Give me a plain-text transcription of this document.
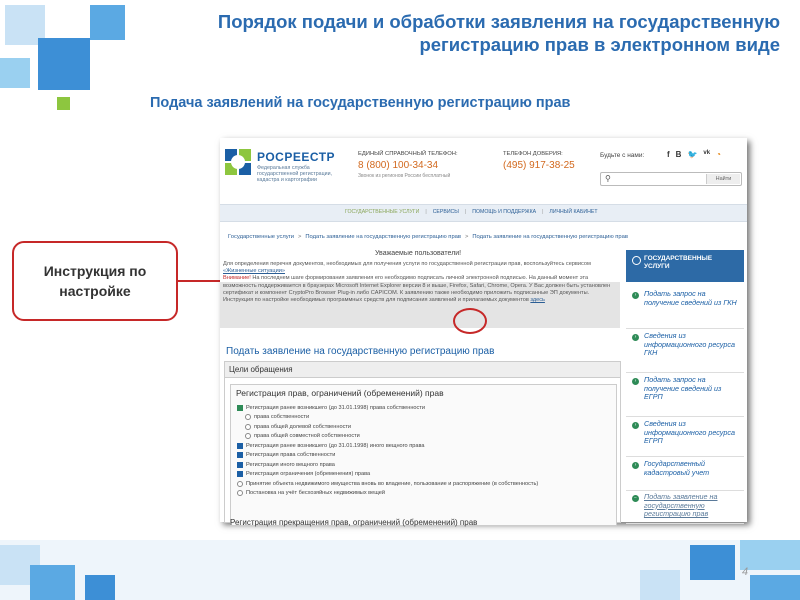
Порядок подачи и обработки заявления на государственную регистрацию прав в электронном виде
Подача заявлений на государственную регистрацию прав
Инструкция по настройке
РОСРЕЕСТР
Федеральная служба государственной регистрации, кадастра и картографии
ЕДИНЫЙ СПРАВОЧНЫЙ ТЕЛЕФОН:
8 (800) 100-34-34
Звонок из регионов России бесплатный
ТЕЛЕФОН ДОВЕРИЯ:
(495) 917-38-25
Будьте с нами:	f B 🐦 vk ◔
⚲	Найти
ГОСУДАРСТВЕННЫЕ УСЛУГИ | СЕРВИСЫ | ПОМОЩЬ И ПОДДЕРЖКА | ЛИЧНЫЙ КАБИНЕТ
Государственные услуги > Подать заявление на государственную регистрацию прав > Подать заявление на государственную регистрацию прав
Уважаемые пользователи!
Для определения перечня документов, необходимых для получения услуги по государственной регистрации прав, воспользуйтесь сервисом «Жизненные ситуации»
Внимание! На последнем шаге формирования заявления его необходимо подписать личной электронной подписью. На данный момент эта возможность поддерживается в браузерах Microsoft Internet Explorer версии 8 и выше, Firefox, Safari, Chrome, Opera. У Вас должен быть установлен сертификат и компонент CryptoPro Browser Plug-in либо CAPICOM. К заявлению также необходимо приложить подписанные ЭП документы. Инструкция по настройке необходимых программных средств для подписания заявлений и прилагаемых документов здесь
Подать заявление на государственную регистрацию прав
Цели обращения
Регистрация прав, ограничений (обременений) прав
Регистрация ранее возникшего (до 31.01.1998) права собственности
права собственности
права общей долевой собственности
права общей совместной собственности
Регистрация ранее возникшего (до 31.01.1998) иного вещного права
Регистрация права собственности
Регистрация иного вещного права
Регистрация ограничения (обременения) права
Принятие объекта недвижимого имущества вновь во владение, пользование и распоряжение (в собственность)
Постановка на учёт бесхозяйных недвижимых вещей
Регистрация прекращения прав, ограничений (обременений) прав
ГОСУДАРСТВЕННЫЕ УСЛУГИ
›	Подать запрос на получение сведений из ГКН
›	Сведения из информационного ресурса ГКН
›	Подать запрос на получение сведений из ЕГРП
›	Сведения из информационного ресурса ЕГРП
›	Государственный кадастровый учет
− Подать заявление на государственную регистрацию прав
4
